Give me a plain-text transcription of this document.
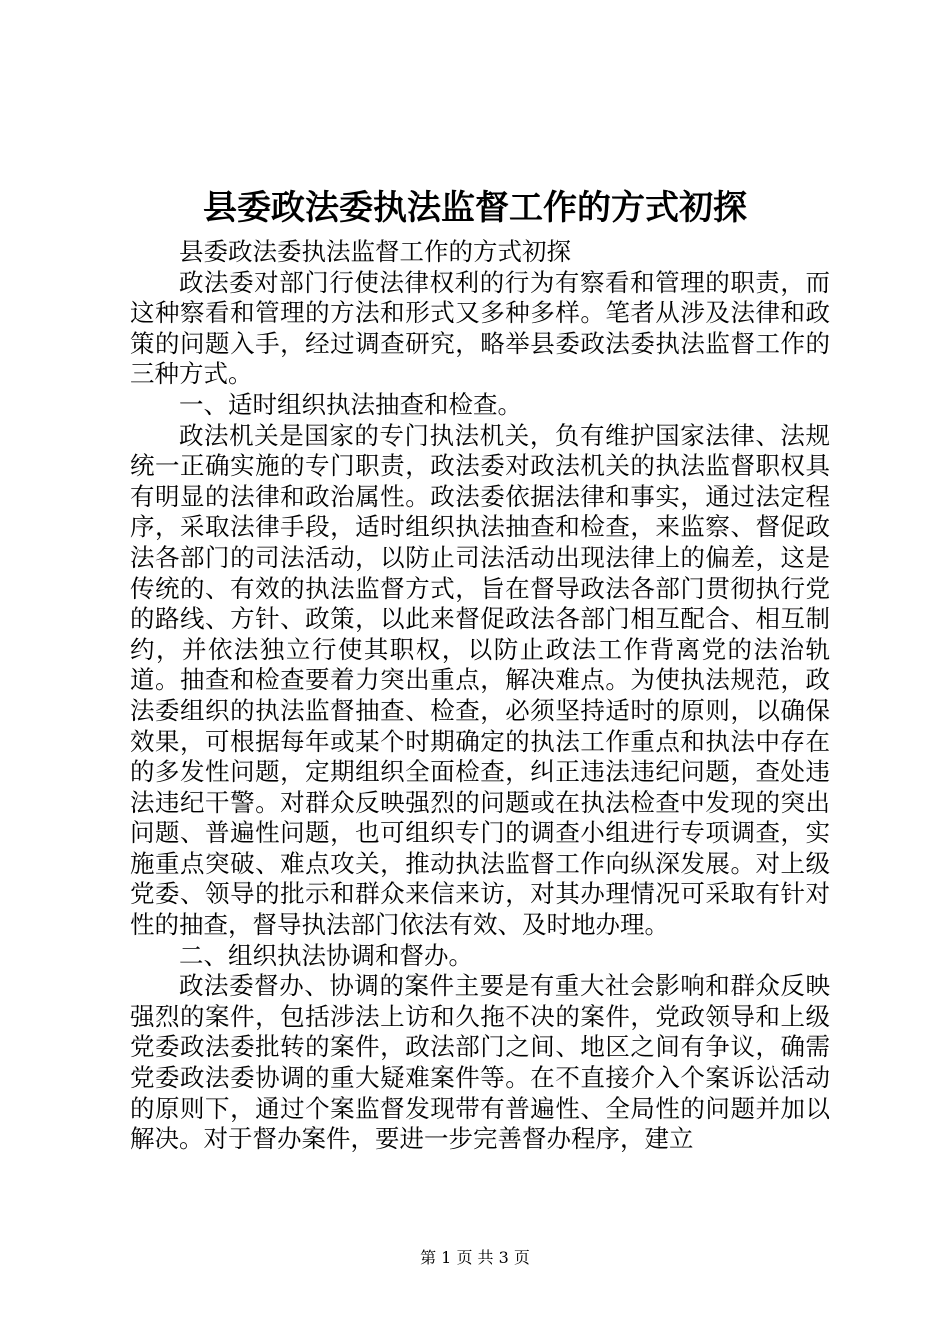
县委政法委执法监督工作的方式初探

县委政法委执法监督工作的方式初探

政法委对部门行使法律权利的行为有察看和管理的职责，而这种察看和管理的方法和形式又多种多样。笔者从涉及法律和政策的问题入手，经过调查研究，略举县委政法委执法监督工作的三种方式。

一、适时组织执法抽查和检查。

政法机关是国家的专门执法机关，负有维护国家法律、法规统一正确实施的专门职责，政法委对政法机关的执法监督职权具有明显的法律和政治属性。政法委依据法律和事实，通过法定程序，采取法律手段，适时组织执法抽查和检查，来监察、督促政法各部门的司法活动，以防止司法活动出现法律上的偏差，这是传统的、有效的执法监督方式，旨在督导政法各部门贯彻执行党的路线、方针、政策，以此来督促政法各部门相互配合、相互制约，并依法独立行使其职权，以防止政法工作背离党的法治轨道。抽查和检查要着力突出重点，解决难点。为使执法规范，政法委组织的执法监督抽查、检查，必须坚持适时的原则，以确保效果，可根据每年或某个时期确定的执法工作重点和执法中存在的多发性问题，定期组织全面检查，纠正违法违纪问题，查处违法违纪干警。对群众反映强烈的问题或在执法检查中发现的突出问题、普遍性问题，也可组织专门的调查小组进行专项调查，实施重点突破、难点攻关，推动执法监督工作向纵深发展。对上级党委、领导的批示和群众来信来访，对其办理情况可采取有针对性的抽查，督导执法部门依法有效、及时地办理。

二、组织执法协调和督办。

政法委督办、协调的案件主要是有重大社会影响和群众反映强烈的案件，包括涉法上访和久拖不决的案件，党政领导和上级党委政法委批转的案件，政法部门之间、地区之间有争议，确需党委政法委协调的重大疑难案件等。在不直接介入个案诉讼活动的原则下，通过个案监督发现带有普遍性、全局性的问题并加以解决。对于督办案件，要进一步完善督办程序，建立

第 1 页 共 3 页
